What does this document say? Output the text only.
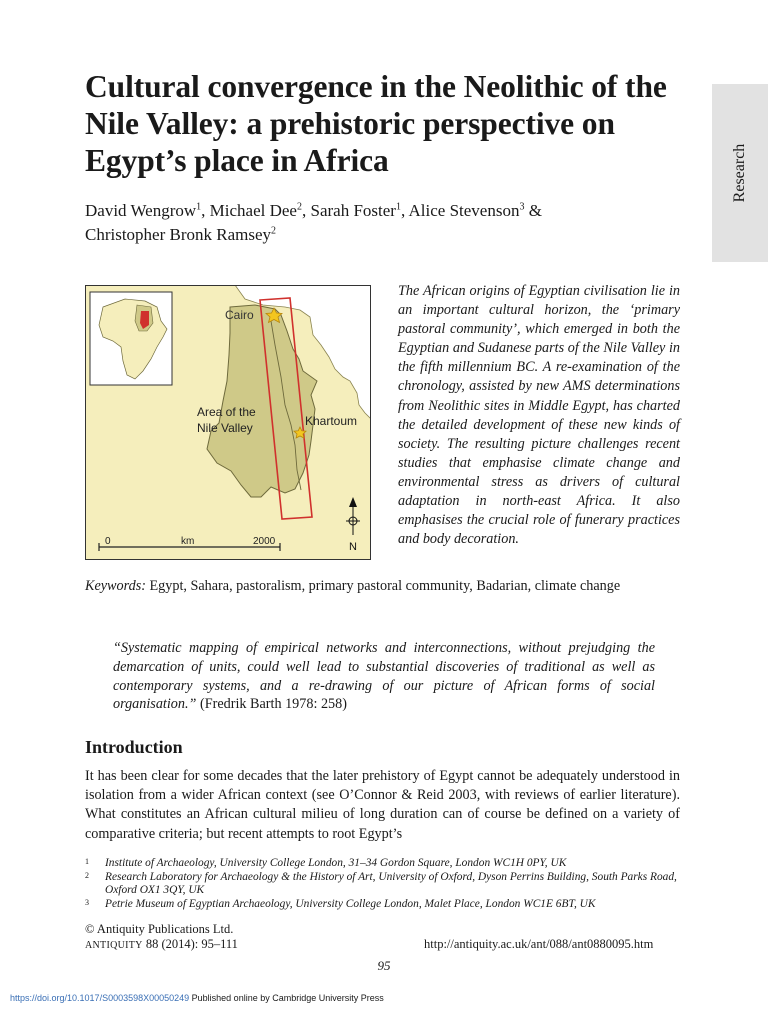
Research
Cultural convergence in the Neolithic of the Nile Valley: a prehistoric perspective on Egypt’s place in Africa

David Wengrow$^1$, Michael Dee$^2$, Sarah Foster$^1$, Alice Stevenson$^3$ &
Christopher Bronk Ramsey$^2$

Cairo
Area of the
Nile Valley	Khartoum
0	km	2000	N

The African origins of Egyptian civilisation lie in an important cultural horizon, the ‘primary pastoral community’, which emerged in both the Egyptian and Sudanese parts of the Nile Valley in the fifth millennium BC. A re-examination of the chronology, assisted by new AMS determinations from Neolithic sites in Middle Egypt, has charted the detailed development of these new kinds of society. The resulting picture challenges recent studies that emphasise climate change and environmental stress as drivers of cultural adaptation in north-east Africa. It also emphasises the crucial role of funerary practices and body decoration.

Keywords: Egypt, Sahara, pastoralism, primary pastoral community, Badarian, climate change

“Systematic mapping of empirical networks and interconnections, without prejudging the demarcation of units, could well lead to substantial discoveries of traditional as well as contemporary systems, and a re-drawing of our picture of African forms of social organisation.” (Fredrik Barth 1978: 258)

Introduction

It has been clear for some decades that the later prehistory of Egypt cannot be adequately understood in isolation from a wider African context (see O’Connor & Reid 2003, with reviews of earlier literature). What constitutes an African cultural milieu of long duration can of course be defined on a variety of comparative criteria; but recent attempts to root Egypt’s

1 Institute of Archaeology, University College London, 31–34 Gordon Square, London WC1H 0PY, UK
2 Research Laboratory for Archaeology & the History of Art, University of Oxford, Dyson Perrins Building, South Parks Road, Oxford OX1 3QY, UK
3 Petrie Museum of Egyptian Archaeology, University College London, Malet Place, London WC1E 6BT, UK
© Antiquity Publications Ltd.
ANTIQUITY 88 (2014): 95–111	http://antiquity.ac.uk/ant/088/ant0880095.htm
95
https://doi.org/10.1017/S0003598X00050249 Published online by Cambridge University Press
